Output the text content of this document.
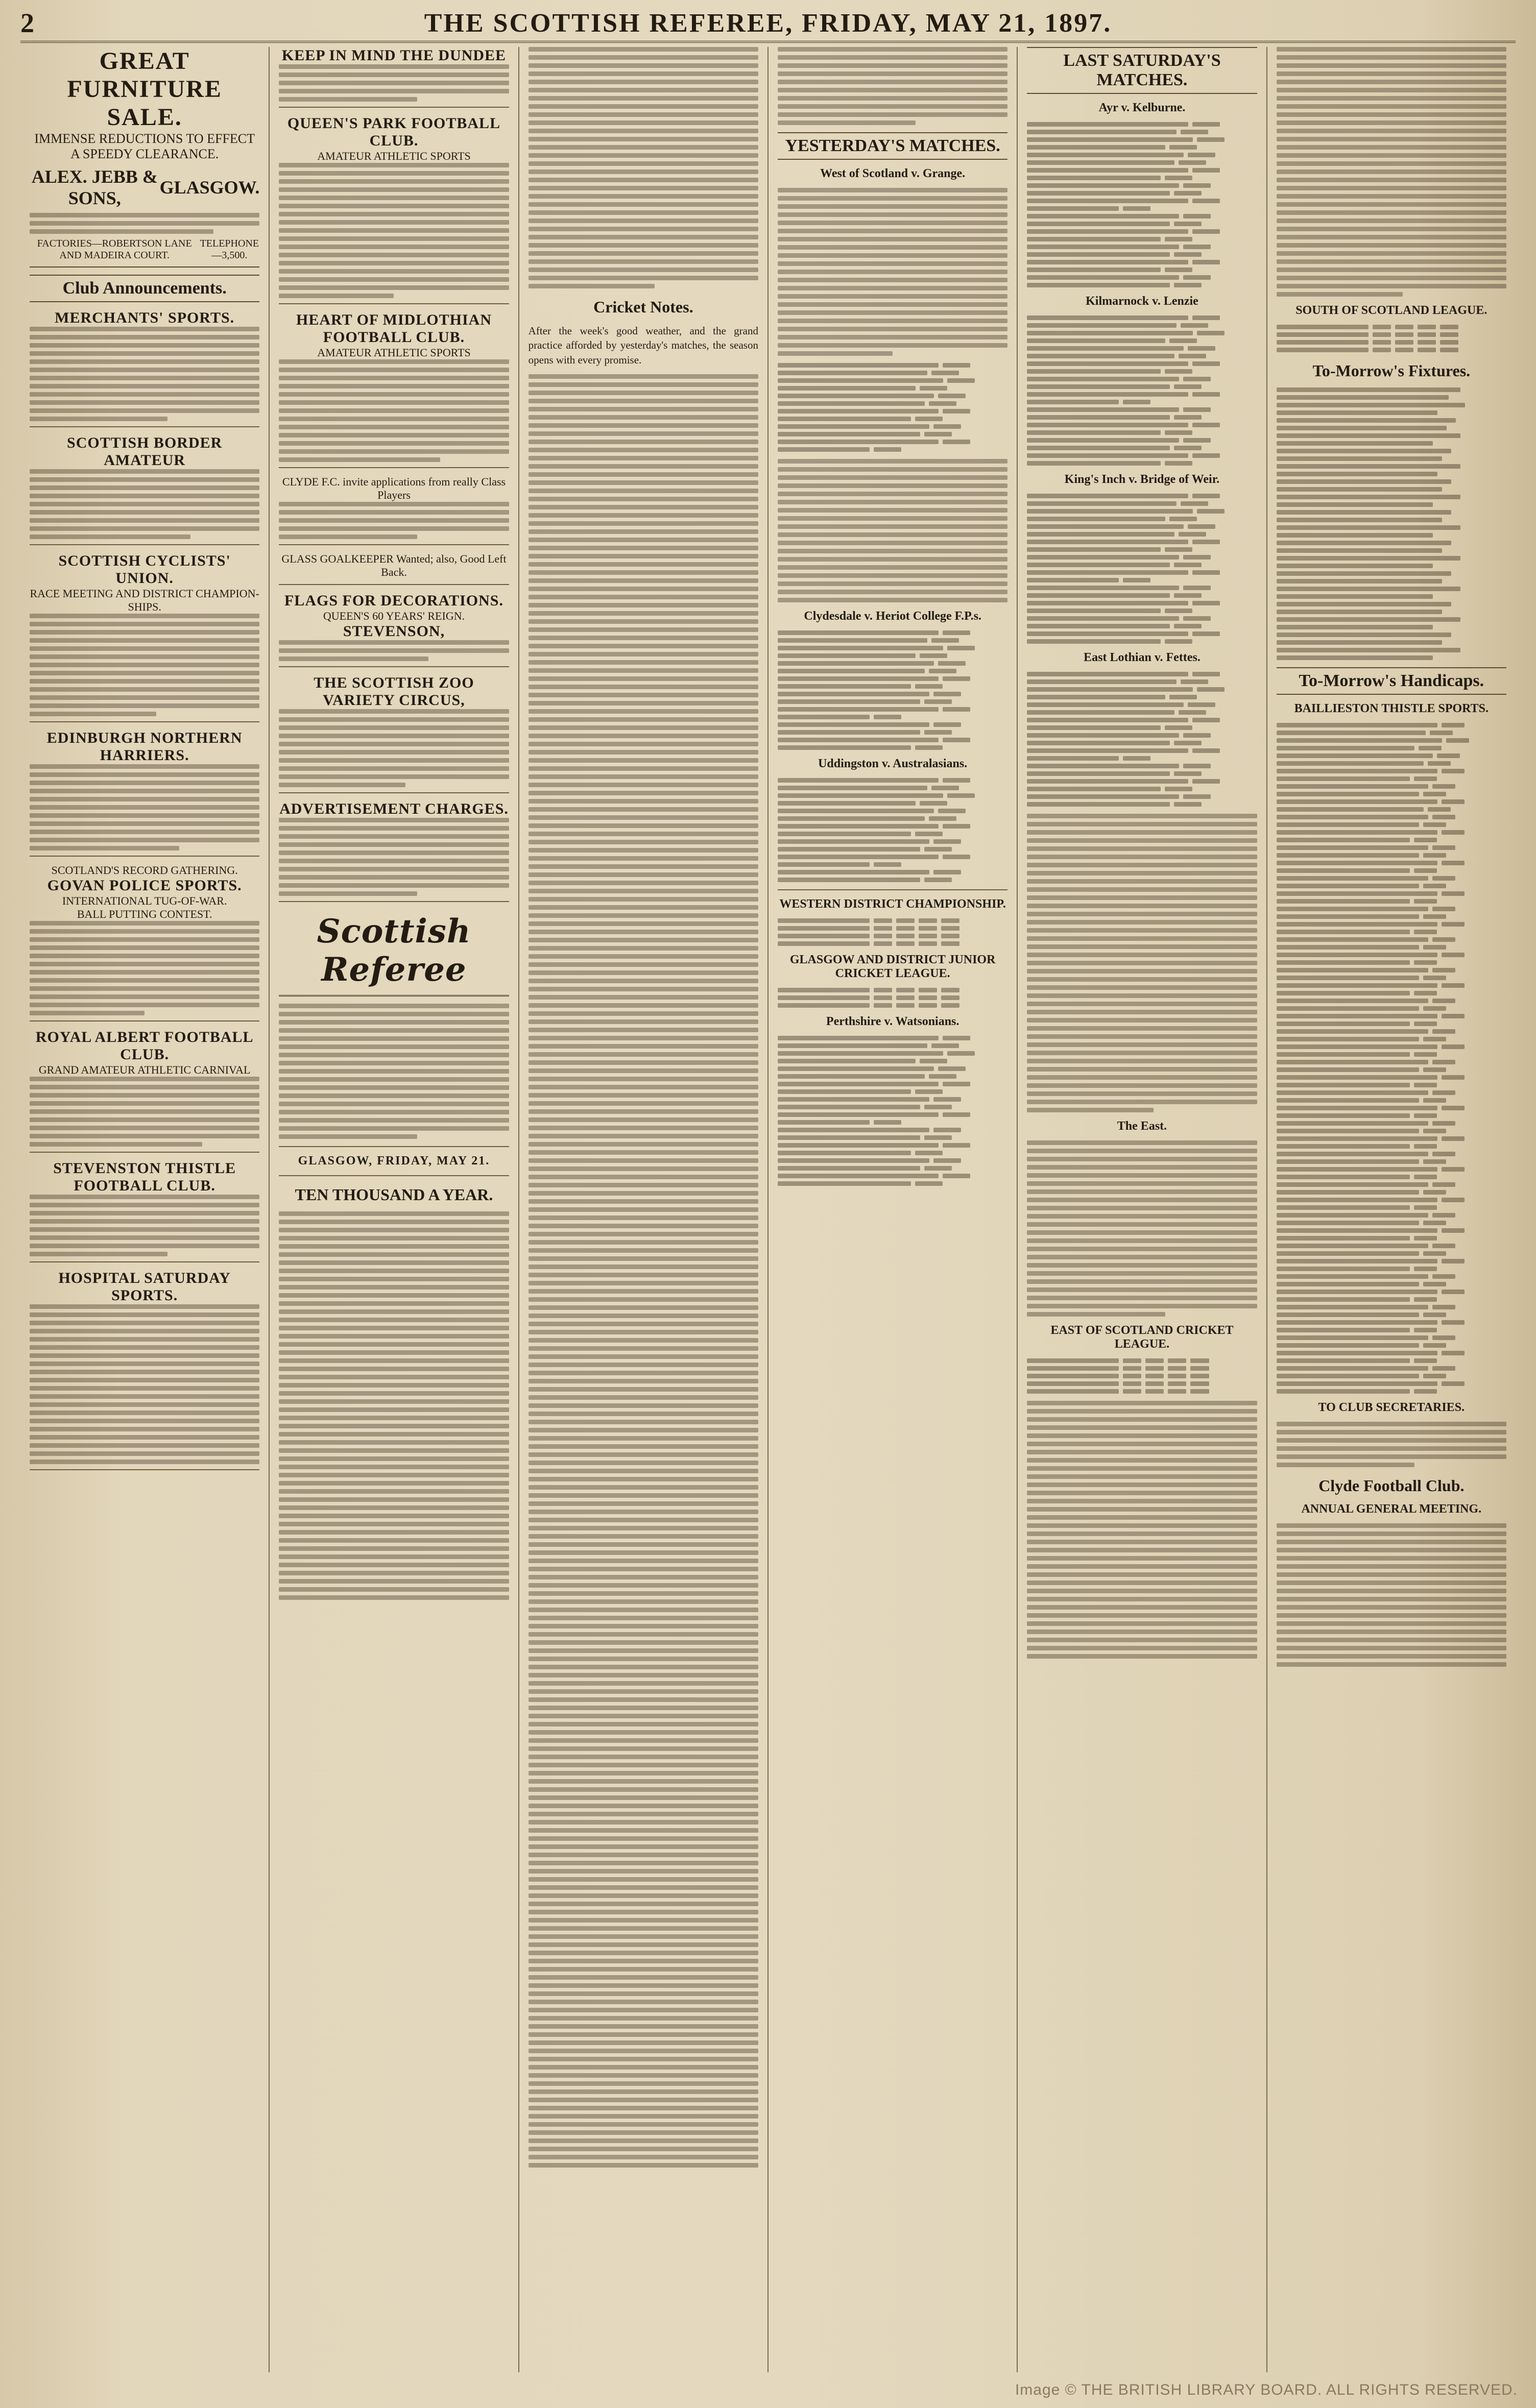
2	THE SCOTTISH REFEREE, FRIDAY, MAY 21, 1897.
GREAT FURNITURE SALE.
IMMENSE REDUCTIONS TO EFFECT A SPEEDY CLEARANCE.
ALEX. JEBB & SONS,
GLASGOW.
FACTORIES—ROBERTSON LANE AND MADEIRA COURT.
TELEPHONE—3,500.
Club Announcements.
MERCHANTS' SPORTS.
SCOTTISH BORDER AMATEUR
SCOTTISH CYCLISTS' UNION.
RACE MEETING AND DISTRICT CHAMPION-SHIPS.
EDINBURGH NORTHERN HARRIERS.
SCOTLAND'S RECORD GATHERING.
GOVAN POLICE SPORTS.
INTERNATIONAL TUG-OF-WAR.
BALL PUTTING CONTEST.
ROYAL ALBERT FOOTBALL CLUB.
GRAND AMATEUR ATHLETIC CARNIVAL
STEVENSTON THISTLE FOOTBALL CLUB.
HOSPITAL SATURDAY SPORTS.
KEEP IN MIND THE DUNDEE
QUEEN'S PARK FOOTBALL CLUB.
AMATEUR ATHLETIC SPORTS
HEART OF MIDLOTHIAN FOOTBALL CLUB.
AMATEUR ATHLETIC SPORTS
CLYDE F.C. invite applications from really Class Players
GLASS GOALKEEPER Wanted; also, Good Left Back.
FLAGS FOR DECORATIONS.
QUEEN'S 60 YEARS' REIGN.
STEVENSON,
THE SCOTTISH ZOO
VARIETY CIRCUS,
ADVERTISEMENT CHARGES.
Scottish Referee
GLASGOW, FRIDAY, MAY 21.
TEN THOUSAND A YEAR.
Cricket Notes.
After the week's good weather, and the grand practice afforded by yesterday's matches, the season opens with every promise.
YESTERDAY'S MATCHES.
West of Scotland v. Grange.
Clydesdale v. Heriot College F.P.s.
Uddingston v. Australasians.
WESTERN DISTRICT CHAMPIONSHIP.
GLASGOW AND DISTRICT JUNIOR CRICKET LEAGUE.
Perthshire v. Watsonians.
LAST SATURDAY'S MATCHES.
Ayr v. Kelburne.
Kilmarnock v. Lenzie
King's Inch v. Bridge of Weir.
East Lothian v. Fettes.
The East.
EAST OF SCOTLAND CRICKET LEAGUE.
SOUTH OF SCOTLAND LEAGUE.
To-Morrow's Fixtures.
To-Morrow's Handicaps.
BAILLIESTON THISTLE SPORTS.
TO CLUB SECRETARIES.
Clyde Football Club.
ANNUAL GENERAL MEETING.
Image © THE BRITISH LIBRARY BOARD. ALL RIGHTS RESERVED.
